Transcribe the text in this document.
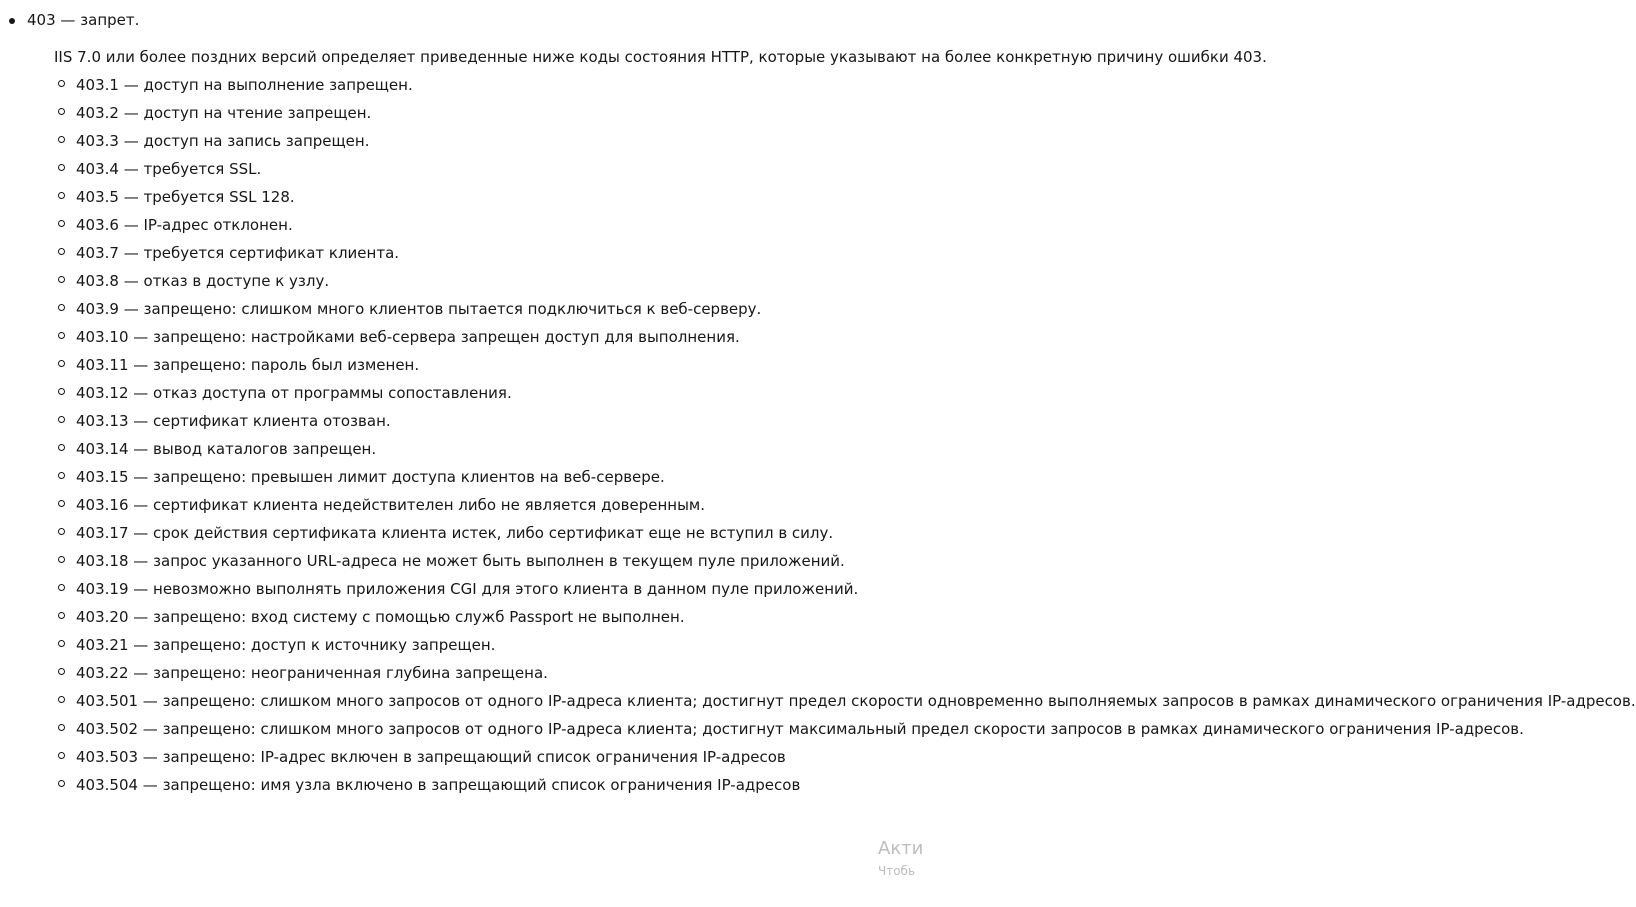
403 — запрет.

IIS 7.0 или более поздних версий определяет приведенные ниже коды состояния HTTP, которые указывают на более конкретную причину ошибки 403.

403.1 — доступ на выполнение запрещен.
403.2 — доступ на чтение запрещен.
403.3 — доступ на запись запрещен.
403.4 — требуется SSL.
403.5 — требуется SSL 128.
403.6 — IP-адрес отклонен.
403.7 — требуется сертификат клиента.
403.8 — отказ в доступе к узлу.
403.9 — запрещено: слишком много клиентов пытается подключиться к веб-серверу.
403.10 — запрещено: настройками веб-сервера запрещен доступ для выполнения.
403.11 — запрещено: пароль был изменен.
403.12 — отказ доступа от программы сопоставления.
403.13 — сертификат клиента отозван.
403.14 — вывод каталогов запрещен.
403.15 — запрещено: превышен лимит доступа клиентов на веб-сервере.
403.16 — сертификат клиента недействителен либо не является доверенным.
403.17 — срок действия сертификата клиента истек, либо сертификат еще не вступил в силу.
403.18 — запрос указанного URL-адреса не может быть выполнен в текущем пуле приложений.
403.19 — невозможно выполнять приложения CGI для этого клиента в данном пуле приложений.
403.20 — запрещено: вход систему с помощью служб Passport не выполнен.
403.21 — запрещено: доступ к источнику запрещен.
403.22 — запрещено: неограниченная глубина запрещена.
403.501 — запрещено: слишком много запросов от одного IP-адреса клиента; достигнут предел скорости одновременно выполняемых запросов в рамках динамического ограничения IP-адресов.
403.502 — запрещено: слишком много запросов от одного IP-адреса клиента; достигнут максимальный предел скорости запросов в рамках динамического ограничения IP-адресов.
403.503 — запрещено: IP-адрес включен в запрещающий список ограничения IP-адресов
403.504 — запрещено: имя узла включено в запрещающий список ограничения IP-адресов
Акти
Чтобь
